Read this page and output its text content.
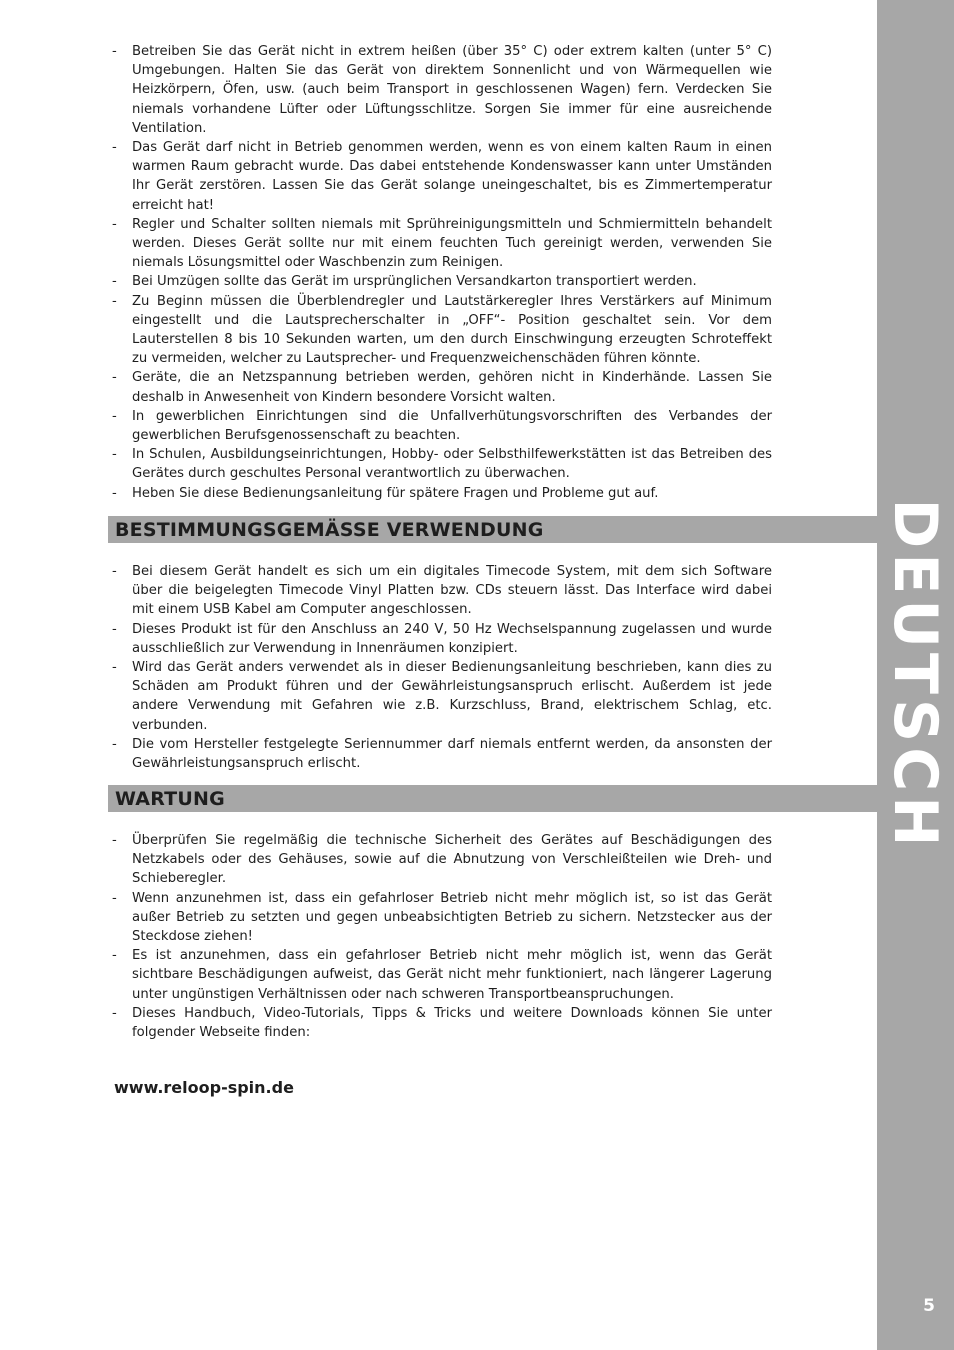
DEUTSCH
5
- Betreiben Sie das Gerät nicht in extrem heißen (über 35° C) oder extrem kalten (unter 5° C) Umgebungen. Halten Sie das Gerät von direktem Sonnenlicht und von Wärmequellen wie Heizkörpern, Öfen, usw. (auch beim Transport in geschlossenen Wagen) fern. Verdecken Sie niemals vorhandene Lüfter oder Lüftungsschlitze. Sorgen Sie immer für eine ausreichende Ventilation.
- Das Gerät darf nicht in Betrieb genommen werden, wenn es von einem kalten Raum in einen warmen Raum gebracht wurde. Das dabei entstehende Kondenswasser kann unter Umständen Ihr Gerät zerstören. Lassen Sie das Gerät solange uneingeschaltet, bis es Zimmertemperatur erreicht hat!
- Regler und Schalter sollten niemals mit Sprühreinigungsmitteln und Schmiermitteln behandelt werden. Dieses Gerät sollte nur mit einem feuchten Tuch gereinigt werden, verwenden Sie niemals Lösungsmittel oder Waschbenzin zum Reinigen.
- Bei Umzügen sollte das Gerät im ursprünglichen Versandkarton transportiert werden.
- Zu Beginn müssen die Überblendregler und Lautstärkeregler Ihres Verstärkers auf Minimum eingestellt und die Lautsprecherschalter in „OFF“- Position geschaltet sein. Vor dem Lauterstellen 8 bis 10 Sekunden warten, um den durch Einschwingung erzeugten Schroteffekt zu vermeiden, welcher zu Lautsprecher- und Frequenzweichenschäden führen könnte.
- Geräte, die an Netzspannung betrieben werden, gehören nicht in Kinderhände. Lassen Sie deshalb in Anwesenheit von Kindern besondere Vorsicht walten.
- In gewerblichen Einrichtungen sind die Unfallverhütungsvorschriften des Verbandes der gewerblichen Berufsgenossenschaft zu beachten.
- In Schulen, Ausbildungseinrichtungen, Hobby- oder Selbsthilfewerkstätten ist das Betreiben des Gerätes durch geschultes Personal verantwortlich zu überwachen.
- Heben Sie diese Bedienungsanleitung für spätere Fragen und Probleme gut auf.
BESTIMMUNGSGEMÄSSE VERWENDUNG
- Bei diesem Gerät handelt es sich um ein digitales Timecode System, mit dem sich Software über die beigelegten Timecode Vinyl Platten bzw. CDs steuern lässt. Das Interface wird dabei mit einem USB Kabel am Computer angeschlossen.
- Dieses Produkt ist für den Anschluss an 240 V, 50 Hz Wechselspannung zugelassen und wurde ausschließlich zur Verwendung in Innenräumen konzipiert.
- Wird das Gerät anders verwendet als in dieser Bedienungsanleitung beschrieben, kann dies zu Schäden am Produkt führen und der Gewährleistungsanspruch erlischt. Außerdem ist jede andere Verwendung mit Gefahren wie z.B. Kurzschluss, Brand, elektrischem Schlag, etc. verbunden.
- Die vom Hersteller festgelegte Seriennummer darf niemals entfernt werden, da ansonsten der Gewährleistungsanspruch erlischt.
WARTUNG
- Überprüfen Sie regelmäßig die technische Sicherheit des Gerätes auf Beschädigungen des Netzkabels oder des Gehäuses, sowie auf die Abnutzung von Verschleißteilen wie Dreh- und Schieberegler.
- Wenn anzunehmen ist, dass ein gefahrloser Betrieb nicht mehr möglich ist, so ist das Gerät außer Betrieb zu setzten und gegen unbeabsichtigten Betrieb zu sichern. Netzstecker aus der Steckdose ziehen!
- Es ist anzunehmen, dass ein gefahrloser Betrieb nicht mehr möglich ist, wenn das Gerät sichtbare Beschädigungen aufweist, das Gerät nicht mehr funktioniert, nach längerer Lagerung unter ungünstigen Verhältnissen oder nach schweren Transportbeanspruchungen.
- Dieses Handbuch, Video-Tutorials, Tipps & Tricks und weitere Downloads können Sie unter folgender Webseite finden:
www.reloop-spin.de
